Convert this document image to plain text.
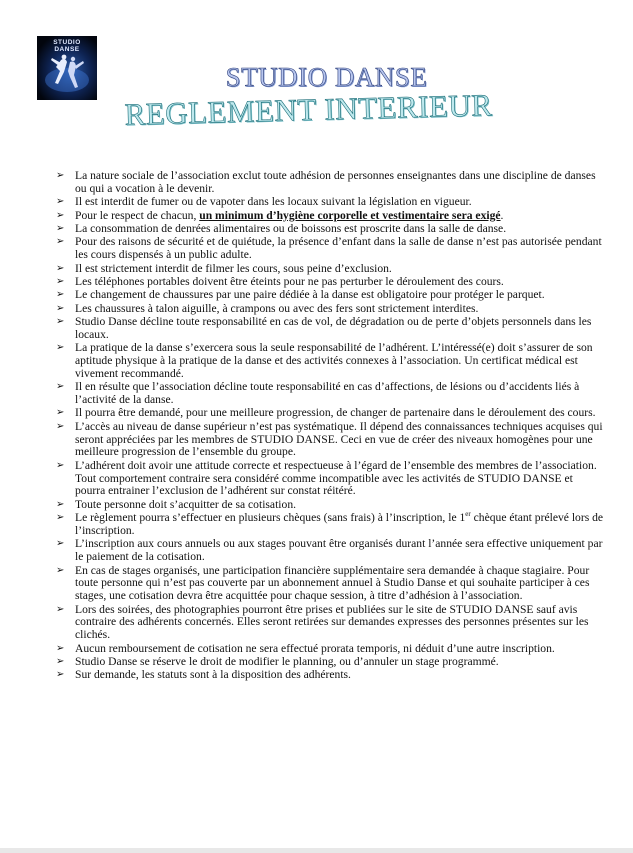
STUDIO
DANSE
STUDIO DANSE
REGLEMENT INTERIEUR
➢ La nature sociale de l’association exclut toute adhésion de personnes enseignantes dans une discipline de danses ou qui a vocation à le devenir.
➢ Il est interdit de fumer ou de vapoter dans les locaux suivant la législation en vigueur.
➢ Pour le respect de chacun, un minimum d’hygiène corporelle et vestimentaire sera exigé.
➢ La consommation de denrées alimentaires ou de boissons est proscrite dans la salle de danse.
➢ Pour des raisons de sécurité et de quiétude, la présence d’enfant dans la salle de danse n’est pas autorisée pendant les cours dispensés à un public adulte.
➢ Il est strictement interdit de filmer les cours, sous peine d’exclusion.
➢ Les téléphones portables doivent être éteints pour ne pas perturber le déroulement des cours.
➢ Le changement de chaussures par une paire dédiée à la danse est obligatoire pour protéger le parquet.
➢ Les chaussures à talon aiguille, à crampons ou avec des fers sont strictement interdites.
➢ Studio Danse décline toute responsabilité en cas de vol, de dégradation ou de perte d’objets personnels dans les locaux.
➢ La pratique de la danse s’exercera sous la seule responsabilité de l’adhérent. L’intéressé(e) doit s’assurer de son aptitude physique à la pratique de la danse et des activités connexes à l’association. Un certificat médical est vivement recommandé.
➢ Il en résulte que l’association décline toute responsabilité en cas d’affections, de lésions ou d’accidents liés à l’activité de la danse.
➢ Il pourra être demandé, pour une meilleure progression, de changer de partenaire dans le déroulement des cours.
➢ L’accès au niveau de danse supérieur n’est pas systématique. Il dépend des connaissances techniques acquises qui seront appréciées par les membres de STUDIO DANSE. Ceci en vue de créer des niveaux homogènes pour une meilleure progression de l’ensemble du groupe.
➢ L’adhérent doit avoir une attitude correcte et respectueuse à l’égard de l’ensemble des membres de l’association. Tout comportement contraire sera considéré comme incompatible avec les activités de STUDIO DANSE et pourra entrainer l’exclusion de l’adhérent sur constat réitéré.
➢ Toute personne doit s’acquitter de sa cotisation.
➢ Le règlement pourra s’effectuer en plusieurs chèques (sans frais) à l’inscription, le 1er chèque étant prélevé lors de l’inscription.
➢ L’inscription aux cours annuels ou aux stages pouvant être organisés durant l’année sera effective uniquement par le paiement de la cotisation.
➢ En cas de stages organisés, une participation financière supplémentaire sera demandée à chaque stagiaire. Pour toute personne qui n’est pas couverte par un abonnement annuel à Studio Danse et qui souhaite participer à ces stages, une cotisation devra être acquittée pour chaque session, à titre d’adhésion à l’association.
➢ Lors des soirées, des photographies pourront être prises et publiées sur le site de STUDIO DANSE sauf avis contraire des adhérents concernés. Elles seront retirées sur demandes expresses des personnes présentes sur les clichés.
➢ Aucun remboursement de cotisation ne sera effectué prorata temporis, ni déduit d’une autre inscription.
➢ Studio Danse se réserve le droit de modifier le planning, ou d’annuler un stage programmé.
➢ Sur demande, les statuts sont à la disposition des adhérents.
